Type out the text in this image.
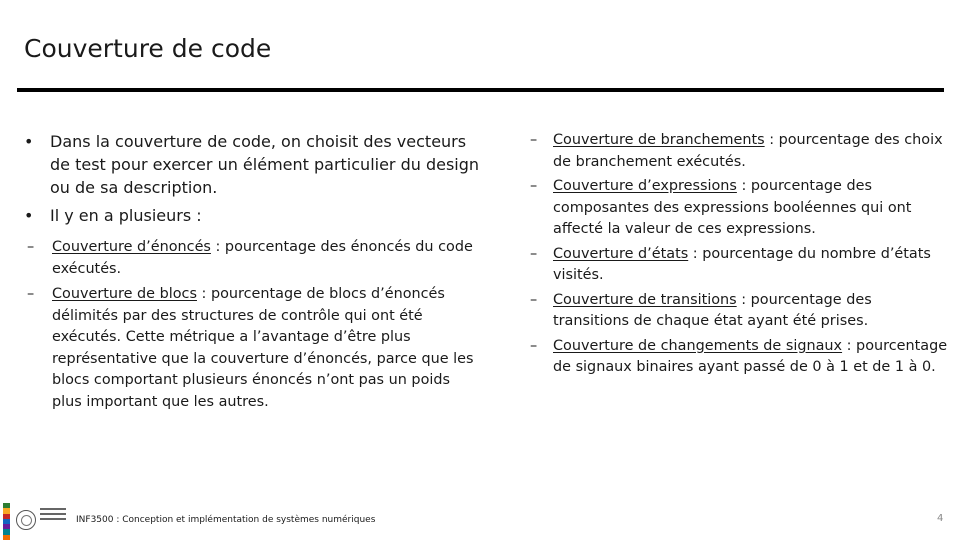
Couverture de code
• Dans la couverture de code, on choisit des vecteurs de test pour exercer un élément particulier du design ou de sa description.
• Il y en a plusieurs :
– Couverture d’énoncés : pourcentage des énoncés du code exécutés.
– Couverture de blocs : pourcentage de blocs d’énoncés délimités par des structures de contrôle qui ont été exécutés. Cette métrique a l’avantage d’être plus représentative que la couverture d’énoncés, parce que les blocs comportant plusieurs énoncés n’ont pas un poids plus important que les autres.
– Couverture de branchements : pourcentage des choix de branchement exécutés.
– Couverture d’expressions : pourcentage des composantes des expressions booléennes qui ont affecté la valeur de ces expressions.
– Couverture d’états : pourcentage du nombre d’états visités.
– Couverture de transitions : pourcentage des transitions de chaque état ayant été prises.
– Couverture de changements de signaux : pourcentage de signaux binaires ayant passé de 0 à 1 et de 1 à 0.
INF3500 : Conception et implémentation de systèmes numériques	4
